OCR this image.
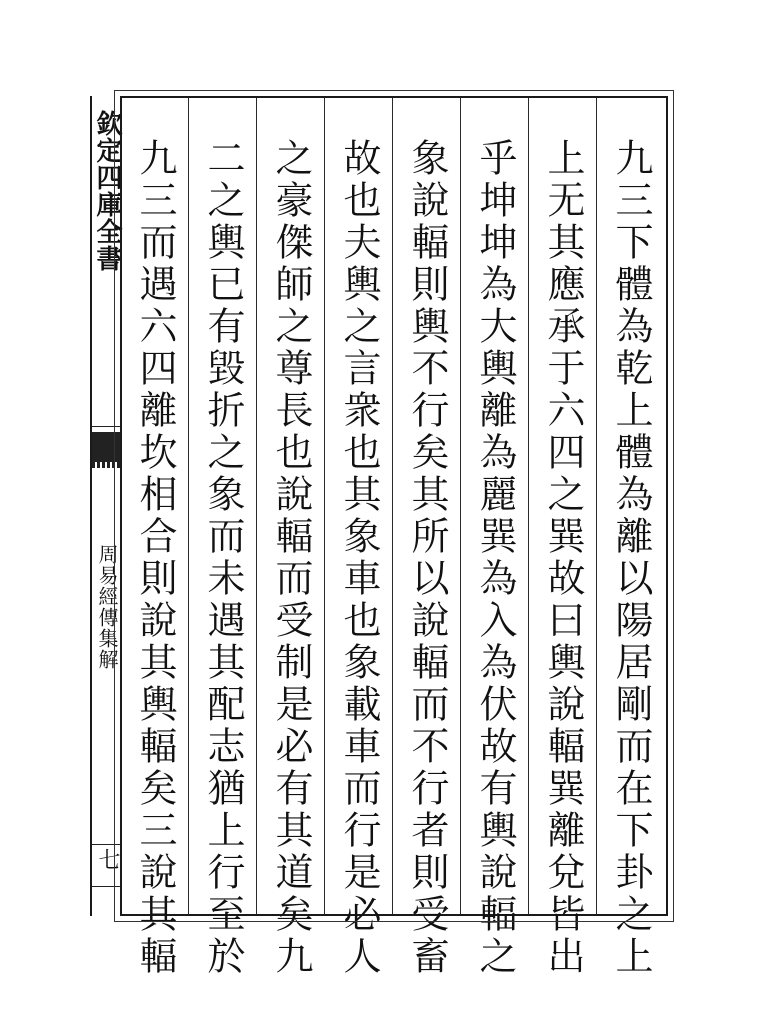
欽定四庫全書
周易經傳集解
七	九三下體為乾上體為離以陽居剛而在下卦之上
上无其應承于六四之巽故曰輿說輻巽離兌皆出
乎坤坤為大輿離為麗巽為入為伏故有輿說輻之
象說輻則輿不行矣其所以說輻而不行者則受畜
故也夫輿之言衆也其象車也象載車而行是必人
之豪傑師之尊長也說輻而受制是必有其道矣九
二之輿已有毀折之象而未遇其配志猶上行至於
九三而遇六四離坎相合則說其輿輻矣三說其輻
